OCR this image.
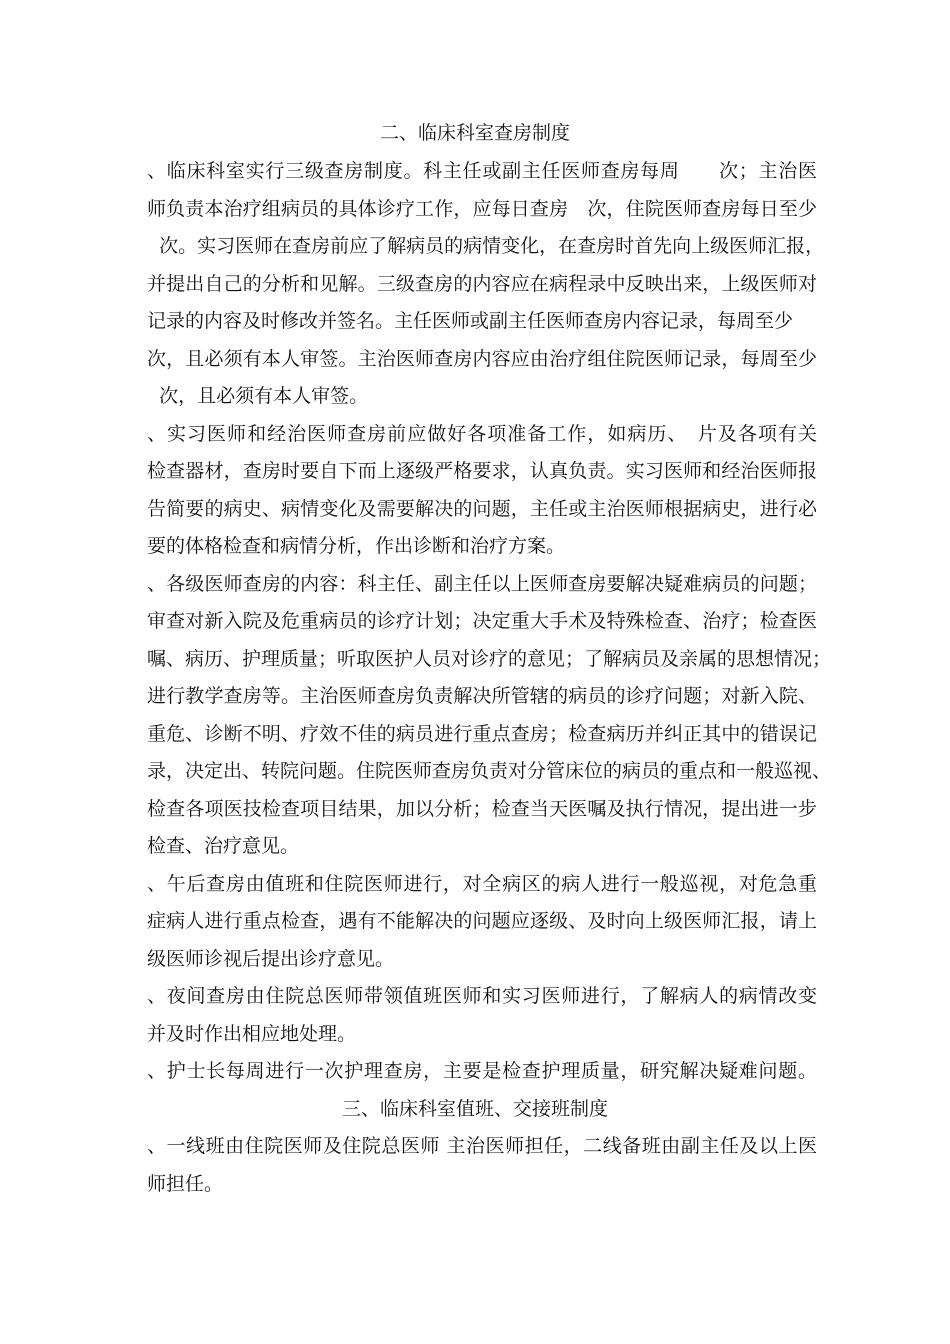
二、临床科室查房制度
、临床科室实行三级查房制度。科主任或副主任医师查房每周　　次；主治医
师负责本治疗组病员的具体诊疗工作，应每日查房　次，住院医师查房每日至少
次。实习医师在查房前应了解病员的病情变化，在查房时首先向上级医师汇报，
并提出自己的分析和见解。三级查房的内容应在病程录中反映出来，上级医师对
记录的内容及时修改并签名。主任医师或副主任医师查房内容记录，每周至少
次，且必须有本人审签。主治医师查房内容应由治疗组住院医师记录，每周至少
次，且必须有本人审签。
、实习医师和经治医师查房前应做好各项准备工作，如病历、　片及各项有关
检查器材，查房时要自下而上逐级严格要求，认真负责。实习医师和经治医师报
告简要的病史、病情变化及需要解决的问题，主任或主治医师根据病史，进行必
要的体格检查和病情分析，作出诊断和治疗方案。
、各级医师查房的内容：科主任、副主任以上医师查房要解决疑难病员的问题；
审查对新入院及危重病员的诊疗计划；决定重大手术及特殊检查、治疗；检查医
嘱、病历、护理质量；听取医护人员对诊疗的意见；了解病员及亲属的思想情况；
进行教学查房等。主治医师查房负责解决所管辖的病员的诊疗问题；对新入院、
重危、诊断不明、疗效不佳的病员进行重点查房；检查病历并纠正其中的错误记
录，决定出、转院问题。住院医师查房负责对分管床位的病员的重点和一般巡视、
检查各项医技检查项目结果，加以分析；检查当天医嘱及执行情况，提出进一步
检查、治疗意见。
、午后查房由值班和住院医师进行，对全病区的病人进行一般巡视，对危急重
症病人进行重点检查，遇有不能解决的问题应逐级、及时向上级医师汇报，请上
级医师诊视后提出诊疗意见。
、夜间查房由住院总医师带领值班医师和实习医师进行，了解病人的病情改变
并及时作出相应地处理。
、护士长每周进行一次护理查房，主要是检查护理质量，研究解决疑难问题。
三、临床科室值班、交接班制度
、一线班由住院医师及住院总医师 主治医师担任，二线备班由副主任及以上医
师担任。
